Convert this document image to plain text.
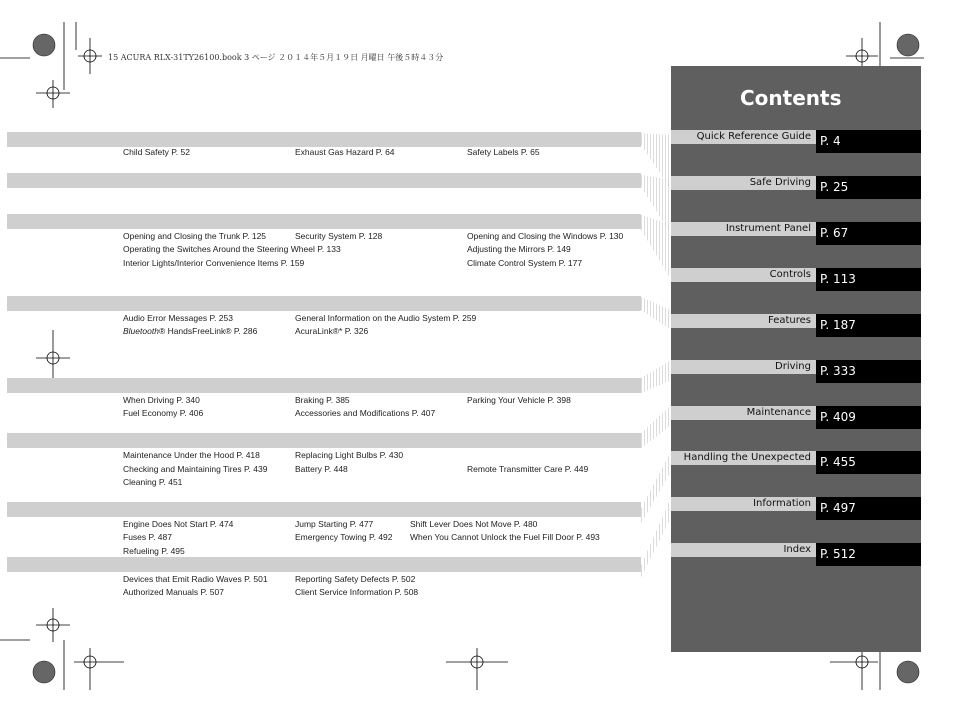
15 ACURA RLX-31TY26100.book 3 ページ ２０１４年５月１９日 月曜日 午後５時４３分
Contents
Quick Reference Guide P. 4
Safe Driving P. 25
Instrument Panel P. 67
Controls P. 113
Features P. 187
Driving P. 333
Maintenance P. 409
Handling the Unexpected P. 455
Information P. 497
Index P. 512
Child Safety P. 52	Exhaust Gas Hazard P. 64	Safety Labels P. 65
Opening and Closing the Trunk P. 125	Security System P. 128	Opening and Closing the Windows P. 130
Operating the Switches Around the Steering Wheel P. 133	Adjusting the Mirrors P. 149
Interior Lights/Interior Convenience Items P. 159	Climate Control System P. 177
Audio Error Messages P. 253	General Information on the Audio System P. 259
Bluetooth® HandsFreeLink® P. 286	AcuraLink®* P. 326
When Driving P. 340	Braking P. 385	Parking Your Vehicle P. 398
Fuel Economy P. 406	Accessories and Modifications P. 407
Maintenance Under the Hood P. 418	Replacing Light Bulbs P. 430
Checking and Maintaining Tires P. 439	Battery P. 448	Remote Transmitter Care P. 449
Cleaning P. 451
Engine Does Not Start P. 474	Jump Starting P. 477	Shift Lever Does Not Move P. 480
Fuses P. 487	Emergency Towing P. 492 When You Cannot Unlock the Fuel Fill Door P. 493
Refueling P. 495
Devices that Emit Radio Waves P. 501	Reporting Safety Defects P. 502
Authorized Manuals P. 507	Client Service Information P. 508
